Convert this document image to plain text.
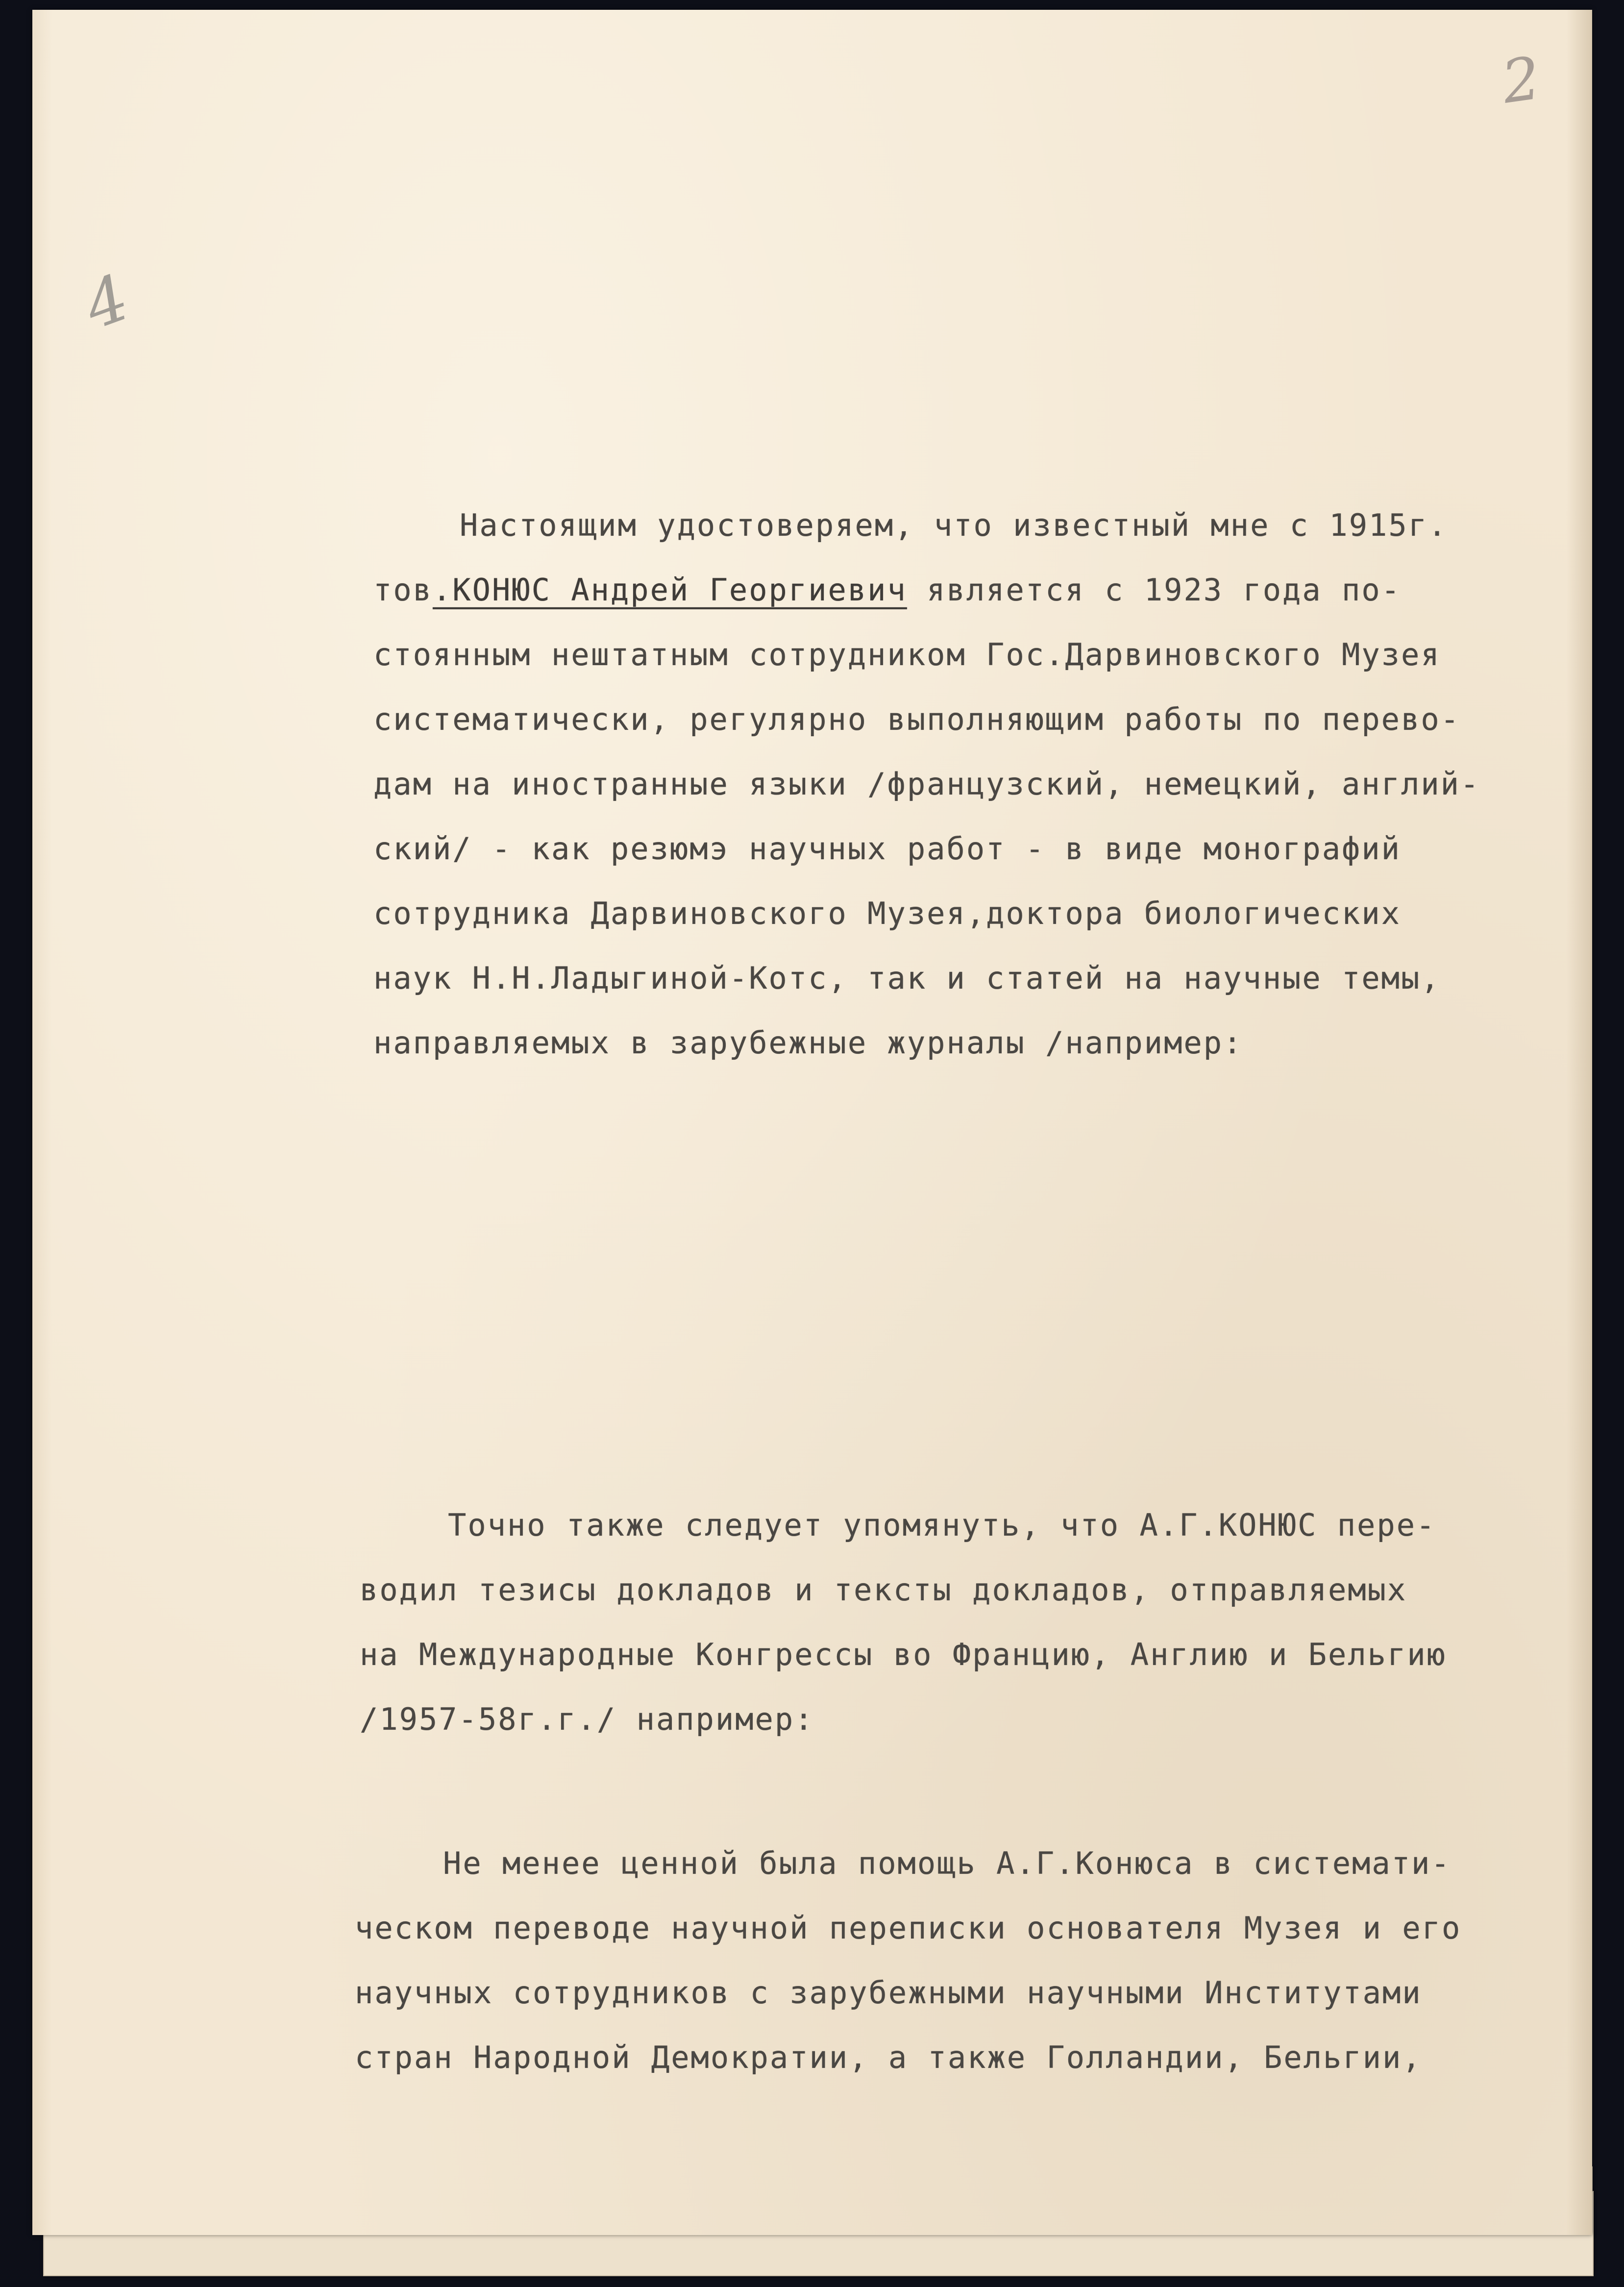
2
4
Настоящим удостоверяем, что известный мне с 1915г.
тов.КОНЮС Андрей Георгиевич является с 1923 года по-
стоянным нештатным сотрудником Гос.Дарвиновского Музея
систематически, регулярно выполняющим работы по перево-
дам на иностранные языки /французский, немецкий, англий-
ский/ - как резюмэ научных работ - в виде монографий
сотрудника Дарвиновского Музея,доктора биологических
наук Н.Н.Ладыгиной-Котс, так и статей на научные темы,
направляемых в зарубежные журналы /например:
Точно также следует упомянуть, что А.Г.КОНЮС пере-
водил тезисы докладов и тексты докладов, отправляемых
на Международные Конгрессы во Францию, Англию и Бельгию
/1957-58г.г./ например:
Не менее ценной была помощь А.Г.Конюса в системати-
ческом переводе научной переписки основателя Музея и его
научных сотрудников с зарубежными научными Институтами
стран Народной Демократии, а также Голландии, Бельгии,
